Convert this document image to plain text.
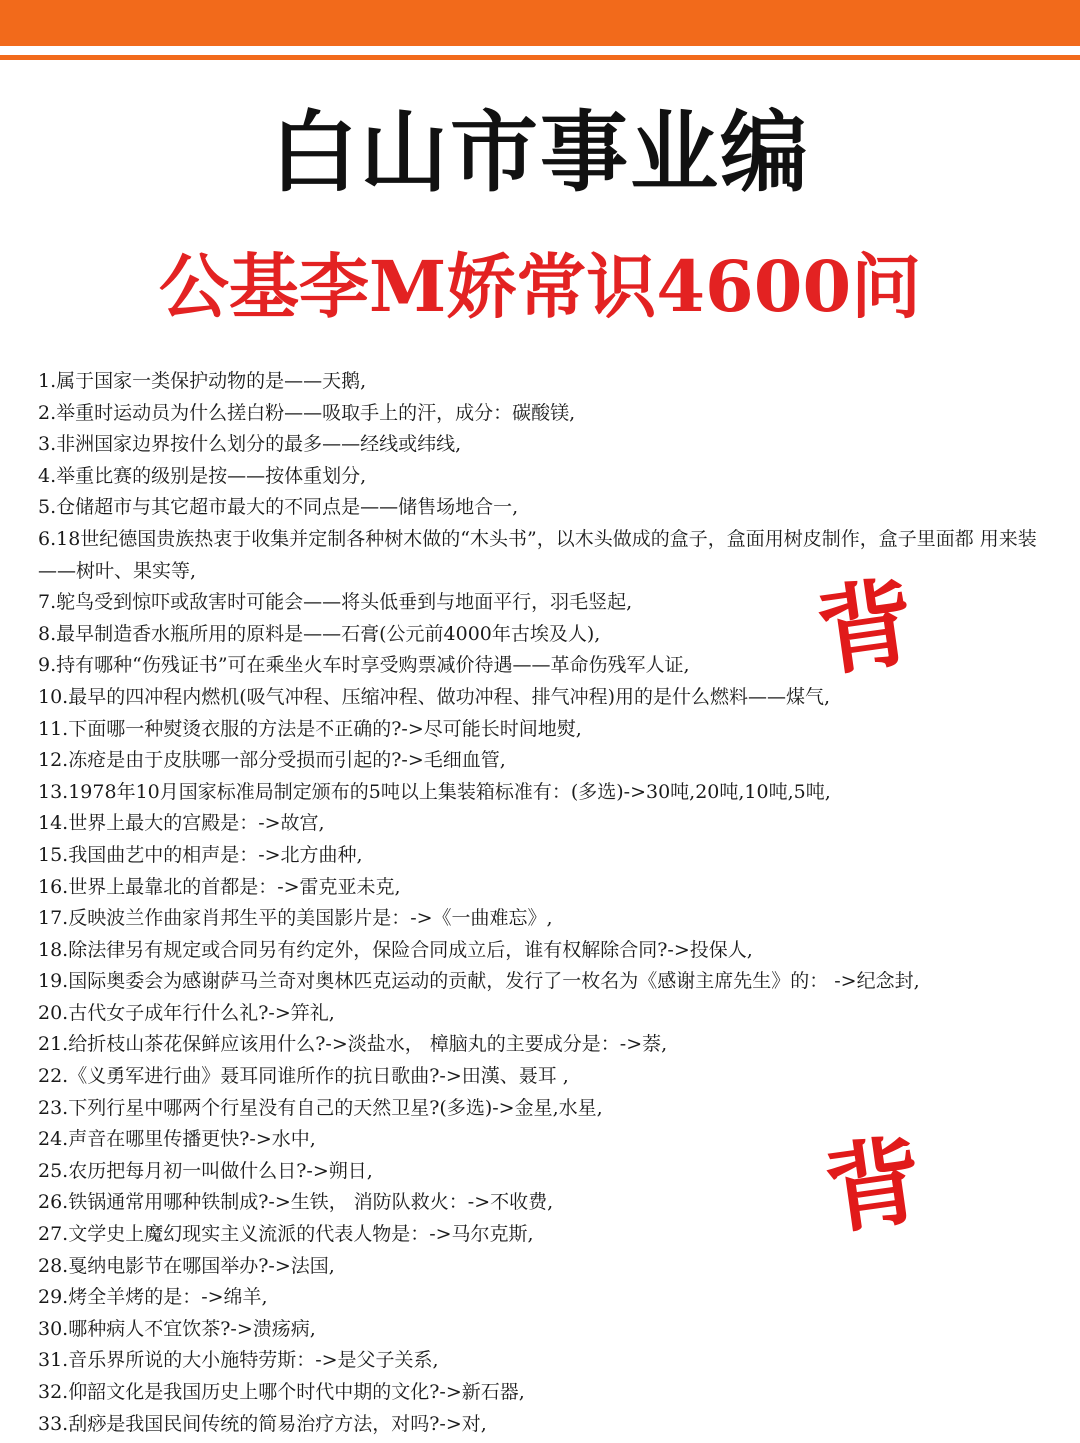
白山市事业编
公基李M娇常识4600问
1.属于国家一类保护动物的是——天鹅,
2.举重时运动员为什么搓白粉——吸取手上的汗，成分：碳酸镁,
3.非洲国家边界按什么划分的最多——经线或纬线,
4.举重比赛的级别是按——按体重划分,
5.仓储超市与其它超市最大的不同点是——储售场地合一,
6.18世纪德国贵族热衷于收集并定制各种树木做的“木头书”，以木头做成的盒子，盒面用树皮制作，盒子里面都 用来装——树叶、果实等,
7.鸵鸟受到惊吓或敌害时可能会——将头低垂到与地面平行，羽毛竖起,
8.最早制造香水瓶所用的原料是——石膏(公元前4000年古埃及人),
9.持有哪种“伤残证书”可在乘坐火车时享受购票减价待遇——革命伤残军人证,
10.最早的四冲程内燃机(吸气冲程、压缩冲程、做功冲程、排气冲程)用的是什么燃料——煤气,
11.下面哪一种熨烫衣服的方法是不正确的?->尽可能长时间地熨,
12.冻疮是由于皮肤哪一部分受损而引起的?->毛细血管,
13.1978年10月国家标准局制定颁布的5吨以上集装箱标准有：(多选)->30吨,20吨,10吨,5吨,
14.世界上最大的宫殿是：->故宫,
15.我国曲艺中的相声是：->北方曲种,
16.世界上最靠北的首都是：->雷克亚未克,
17.反映波兰作曲家肖邦生平的美国影片是：->《一曲难忘》,
18.除法律另有规定或合同另有约定外，保险合同成立后，谁有权解除合同?->投保人,
19.国际奥委会为感谢萨马兰奇对奥林匹克运动的贡献，发行了一枚名为《感谢主席先生》的： ->纪念封,
20.古代女子成年行什么礼?->笄礼,
21.给折枝山茶花保鲜应该用什么?->淡盐水， 樟脑丸的主要成分是：->萘,
22.《义勇军进行曲》聂耳同谁所作的抗日歌曲?->田漢、聂耳 ,
23.下列行星中哪两个行星没有自己的天然卫星?(多选)->金星,水星,
24.声音在哪里传播更快?->水中,
25.农历把每月初一叫做什么日?->朔日,
26.铁锅通常用哪种铁制成?->生铁， 消防队救火：->不收费,
27.文学史上魔幻现实主义流派的代表人物是：->马尔克斯,
28.戛纳电影节在哪国举办?->法国,
29.烤全羊烤的是：->绵羊,
30.哪种病人不宜饮茶?->溃疡病,
31.音乐界所说的大小施特劳斯：->是父子关系,
32.仰韶文化是我国历史上哪个时代中期的文化?->新石器,
33.刮痧是我国民间传统的简易治疗方法，对吗?->对,
背
背
